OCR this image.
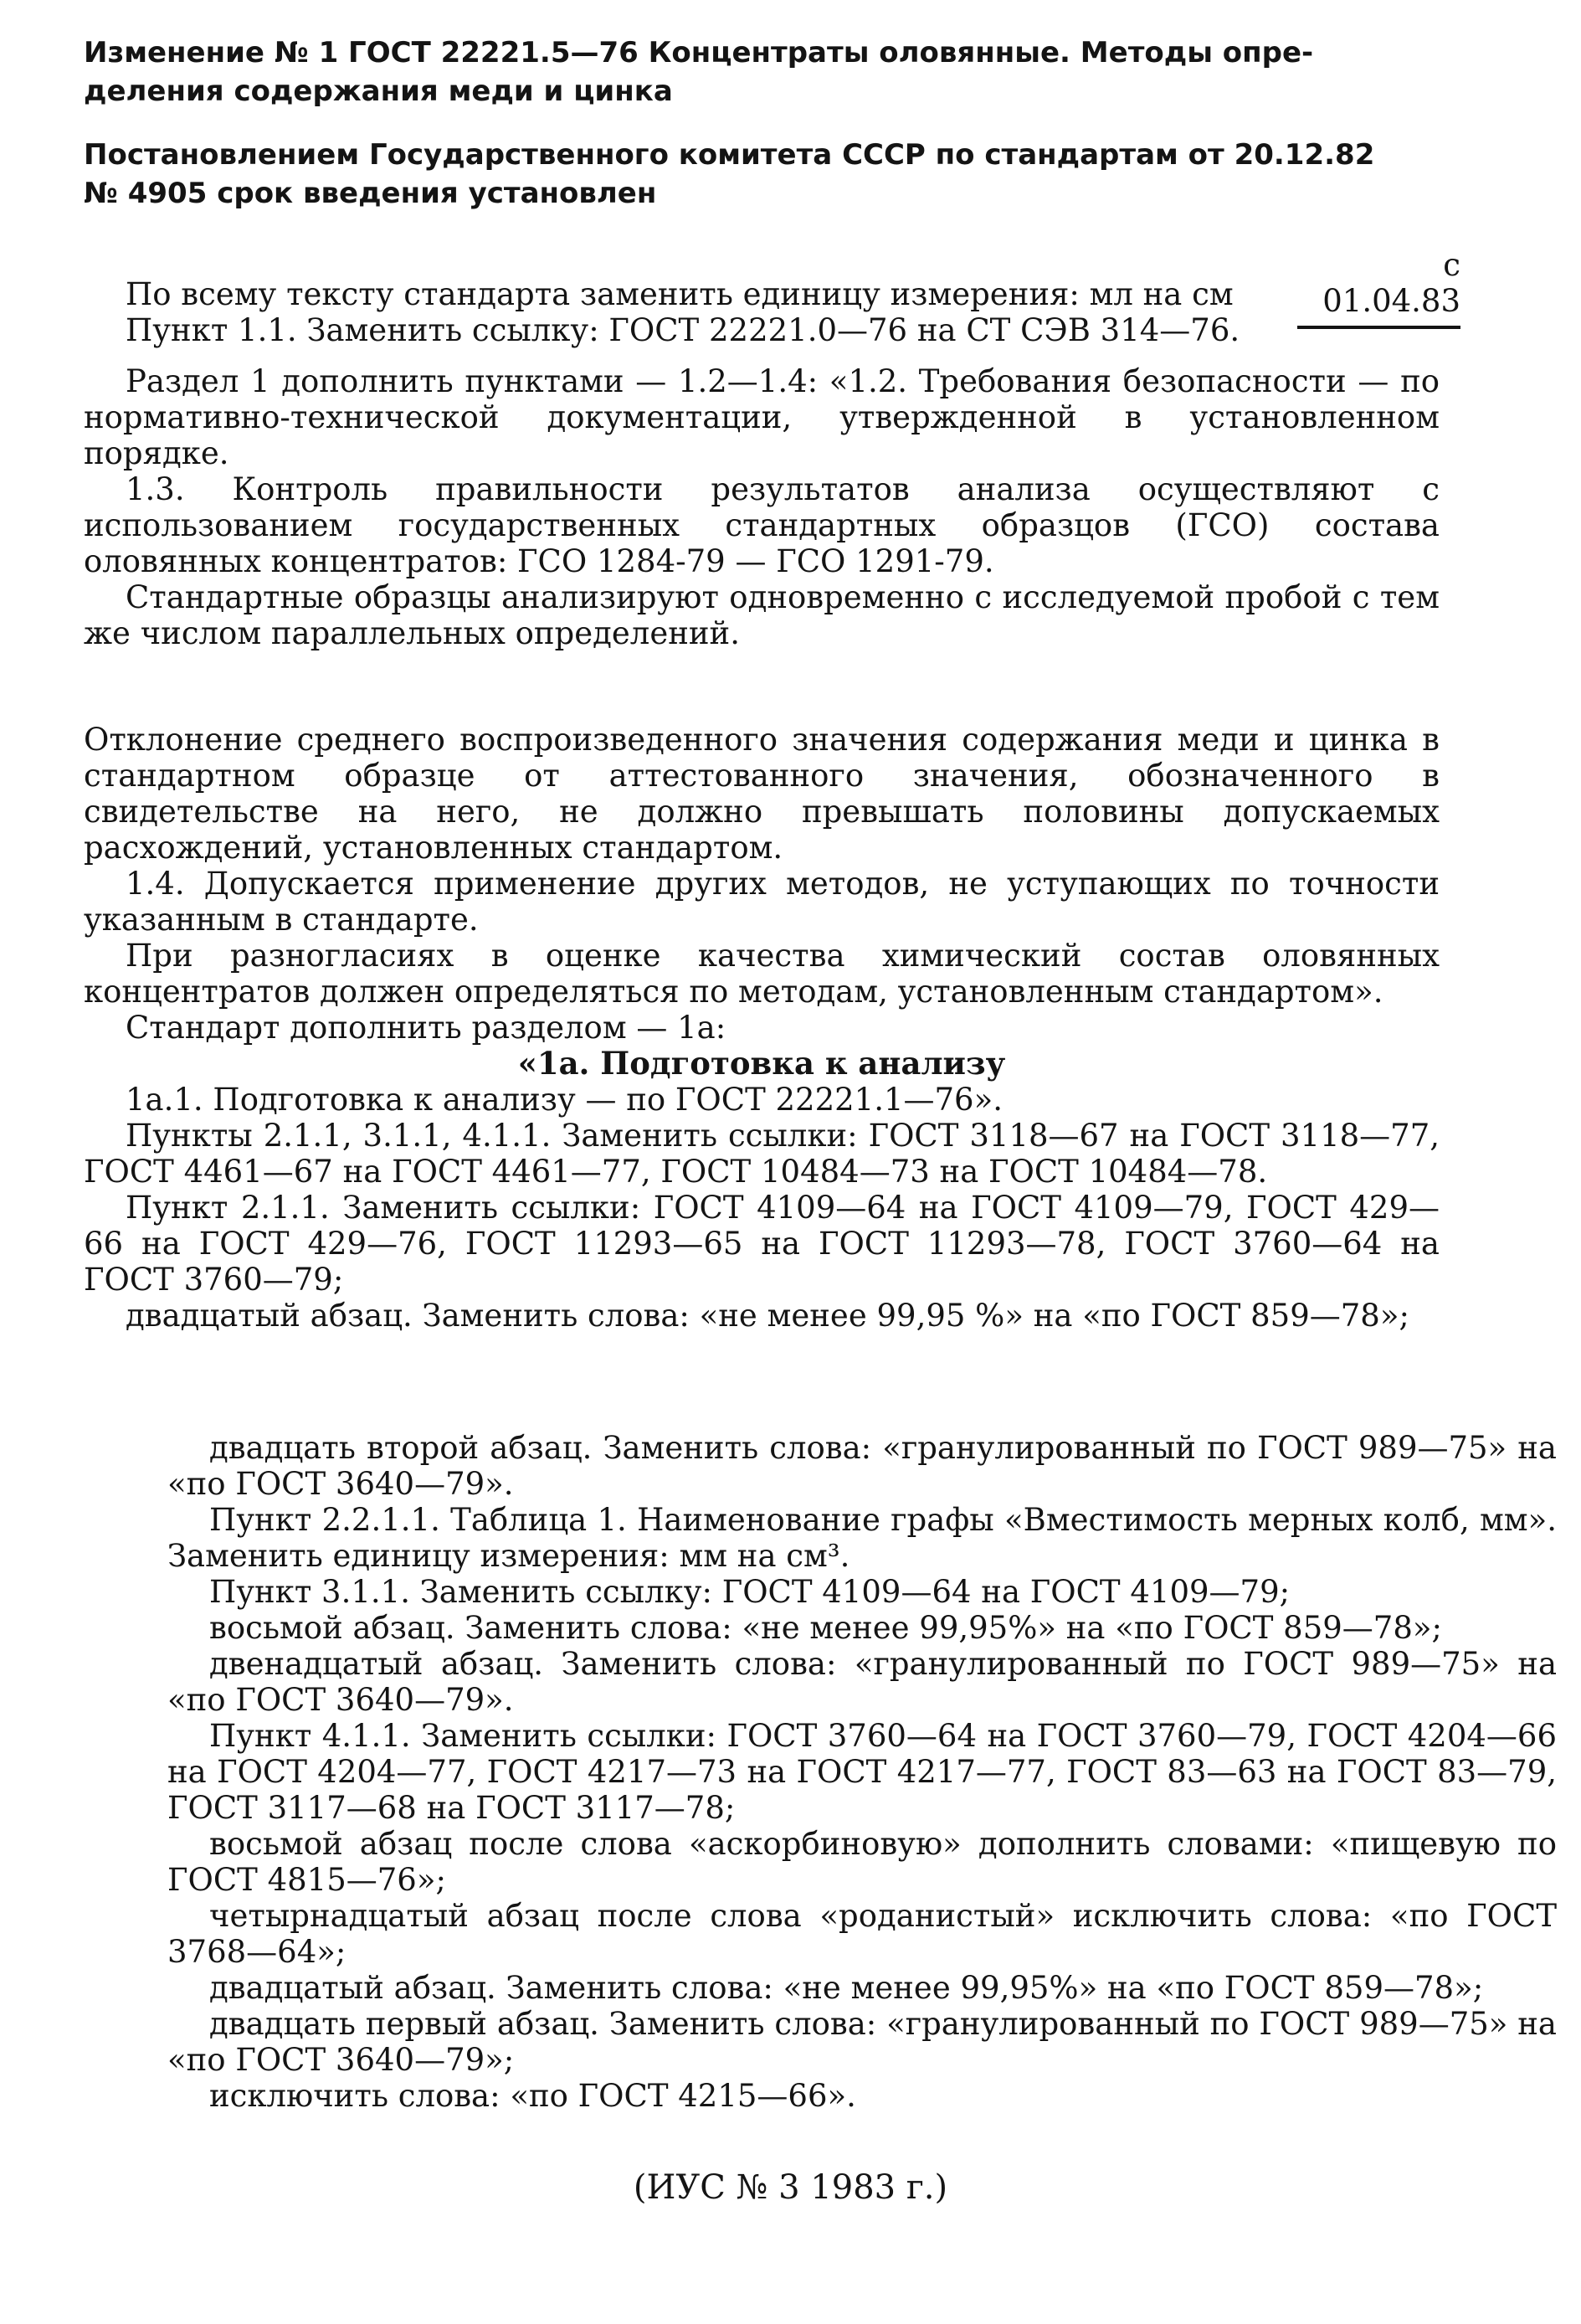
Изменение № 1 ГОСТ 22221.5—76 Концентраты оловянные. Методы опре-
деления содержания меди и цинка
Постановлением Государственного комитета СССР по стандартам от 20.12.82
№ 4905 срок введения установлен
с 01.04.83

По всему тексту стандарта заменить единицу измерения: мл на см

Пункт 1.1. Заменить ссылку: ГОСТ 22221.0—76 на СТ СЭВ 314—76.

Раздел 1 дополнить пунктами — 1.2—1.4: «1.2. Требования безопасности — по нормативно-технической документации, утвержденной в установленном порядке.

1.3. Контроль правильности результатов анализа осуществляют с использованием государственных стандартных образцов (ГСО) состава оловянных концентратов: ГСО 1284-79 — ГСО 1291-79.

Стандартные образцы анализируют одновременно с исследуемой пробой с тем же числом параллельных определений.

Отклонение среднего воспроизведенного значения содержания меди и цинка в стандартном образце от аттестованного значения, обозначенного в свидетельстве на него, не должно превышать половины допускаемых расхождений, установленных стандартом.

1.4. Допускается применение других методов, не уступающих по точности указанным в стандарте.

При разногласиях в оценке качества химический состав оловянных концентратов должен определяться по методам, установленным стандартом».

Стандарт дополнить разделом — 1а:

«1а. Подготовка к анализу

1а.1. Подготовка к анализу — по ГОСТ 22221.1—76».

Пункты 2.1.1, 3.1.1, 4.1.1. Заменить ссылки: ГОСТ 3118—67 на ГОСТ 3118—77, ГОСТ 4461—67 на ГОСТ 4461—77, ГОСТ 10484—73 на ГОСТ 10484—78.

Пункт 2.1.1. Заменить ссылки: ГОСТ 4109—64 на ГОСТ 4109—79, ГОСТ 429—66 на ГОСТ 429—76, ГОСТ 11293—65 на ГОСТ 11293—78, ГОСТ 3760—64 на ГОСТ 3760—79;

двадцатый абзац. Заменить слова: «не менее 99,95 %» на «по ГОСТ 859—78»;

двадцать второй абзац. Заменить слова: «гранулированный по ГОСТ 989—75» на «по ГОСТ 3640—79».

Пункт 2.2.1.1. Таблица 1. Наименование графы «Вместимость мерных колб, мм». Заменить единицу измерения: мм на см³.

Пункт 3.1.1. Заменить ссылку: ГОСТ 4109—64 на ГОСТ 4109—79;

восьмой абзац. Заменить слова: «не менее 99,95%» на «по ГОСТ 859—78»;

двенадцатый абзац. Заменить слова: «гранулированный по ГОСТ 989—75» на «по ГОСТ 3640—79».

Пункт 4.1.1. Заменить ссылки: ГОСТ 3760—64 на ГОСТ 3760—79, ГОСТ 4204—66 на ГОСТ 4204—77, ГОСТ 4217—73 на ГОСТ 4217—77, ГОСТ 83—63 на ГОСТ 83—79, ГОСТ 3117—68 на ГОСТ 3117—78;

восьмой абзац после слова «аскорбиновую» дополнить словами: «пищевую по ГОСТ 4815—76»;

четырнадцатый абзац после слова «роданистый» исключить слова: «по ГОСТ 3768—64»;

двадцатый абзац. Заменить слова: «не менее 99,95%» на «по ГОСТ 859—78»;

двадцать первый абзац. Заменить слова: «гранулированный по ГОСТ 989—75» на «по ГОСТ 3640—79»;

исключить слова: «по ГОСТ 4215—66».

(ИУС № 3 1983 г.)
